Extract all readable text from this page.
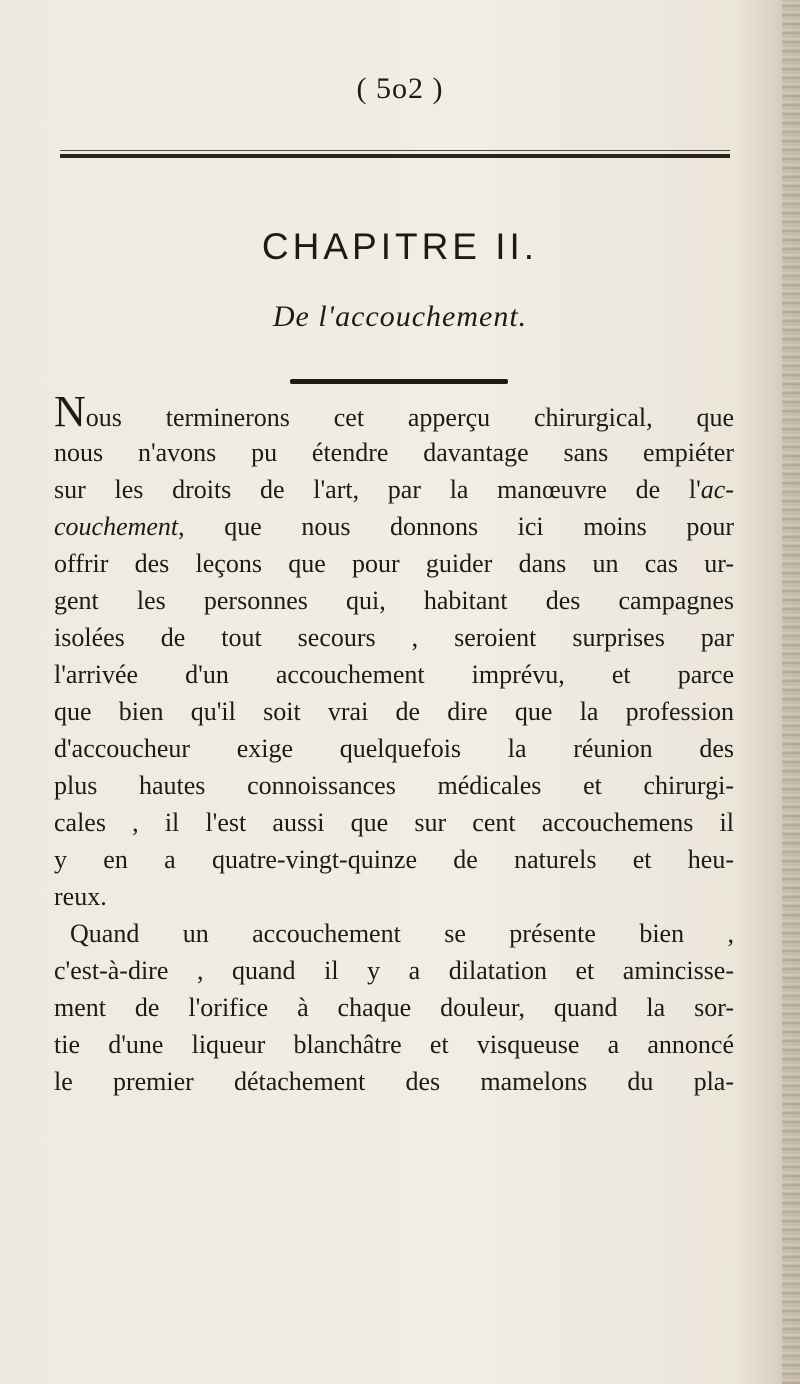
( 5o2 )
CHAPITRE II.
De l'accouchement.
Nous terminerons cet apperçu chirurgical, que
nous n'avons pu étendre davantage sans empiéter
sur les droits de l'art, par la manœuvre de l'ac-
couchement, que nous donnons ici moins pour
offrir des leçons que pour guider dans un cas ur-
gent les personnes qui, habitant des campagnes
isolées de tout secours , seroient surprises par
l'arrivée d'un accouchement imprévu, et parce
que bien qu'il soit vrai de dire que la profession
d'accoucheur exige quelquefois la réunion des
plus hautes connoissances médicales et chirurgi-
cales , il l'est aussi que sur cent accouchemens il
y en a quatre-vingt-quinze de naturels et heu-
reux.
Quand un accouchement se présente bien ,
c'est-à-dire , quand il y a dilatation et amincisse-
ment de l'orifice à chaque douleur, quand la sor-
tie d'une liqueur blanchâtre et visqueuse a annoncé
le premier détachement des mamelons du pla-
